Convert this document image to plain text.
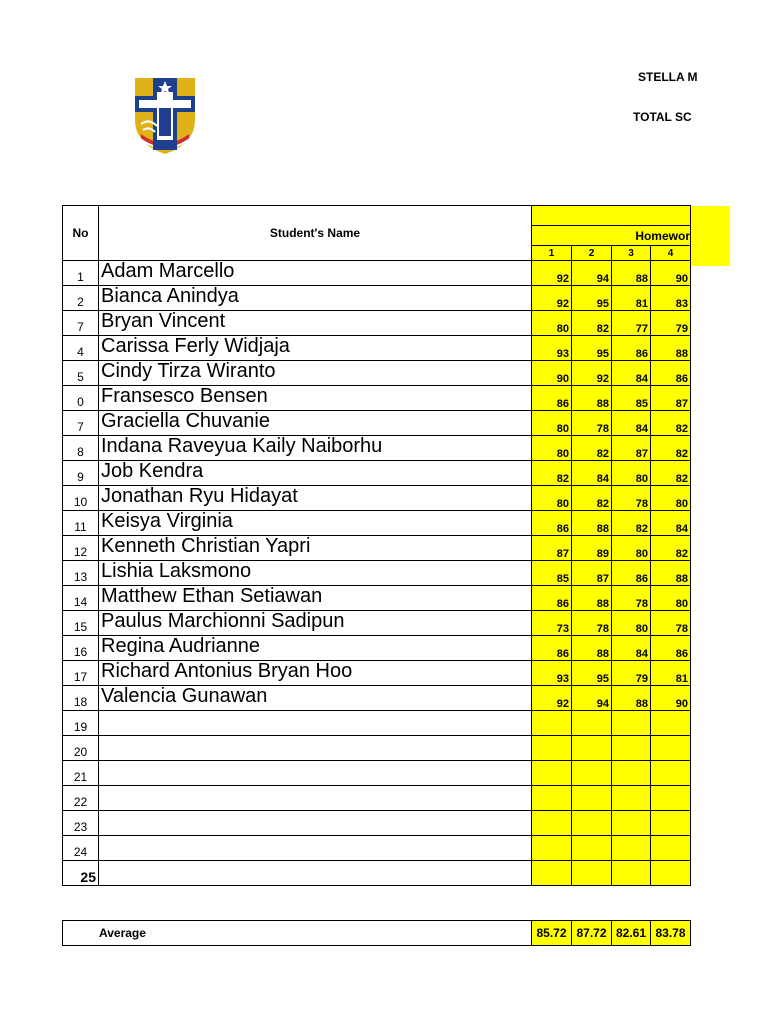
STELLA M
TOTAL SC
No	Student's Name				
		Homewor			
		1	2	3	4
1	Adam Marcello	92	94	88	90
2	Bianca Anindya	92	95	81	83
7	Bryan Vincent	80	82	77	79
4	Carissa Ferly Widjaja	93	95	86	88
5	Cindy Tirza Wiranto	90	92	84	86
0	Fransesco Bensen	86	88	85	87
7	Graciella Chuvanie	80	78	84	82
8	Indana Raveyua Kaily Naiborhu	80	82	87	82
9	Job Kendra	82	84	80	82
10	Jonathan Ryu Hidayat	80	82	78	80
11	Keisya Virginia	86	88	82	84
12	Kenneth Christian Yapri	87	89	80	82
13	Lishia Laksmono	85	87	86	88
14	Matthew Ethan Setiawan	86	88	78	80
15	Paulus Marchionni Sadipun	73	78	80	78
16	Regina Audrianne	86	88	84	86
17	Richard Antonius Bryan Hoo	93	95	79	81
18	Valencia Gunawan	92	94	88	90
19					
20					
21					
22					
23					
24					
25					
Average	85.72	87.72	82.61	83.78
